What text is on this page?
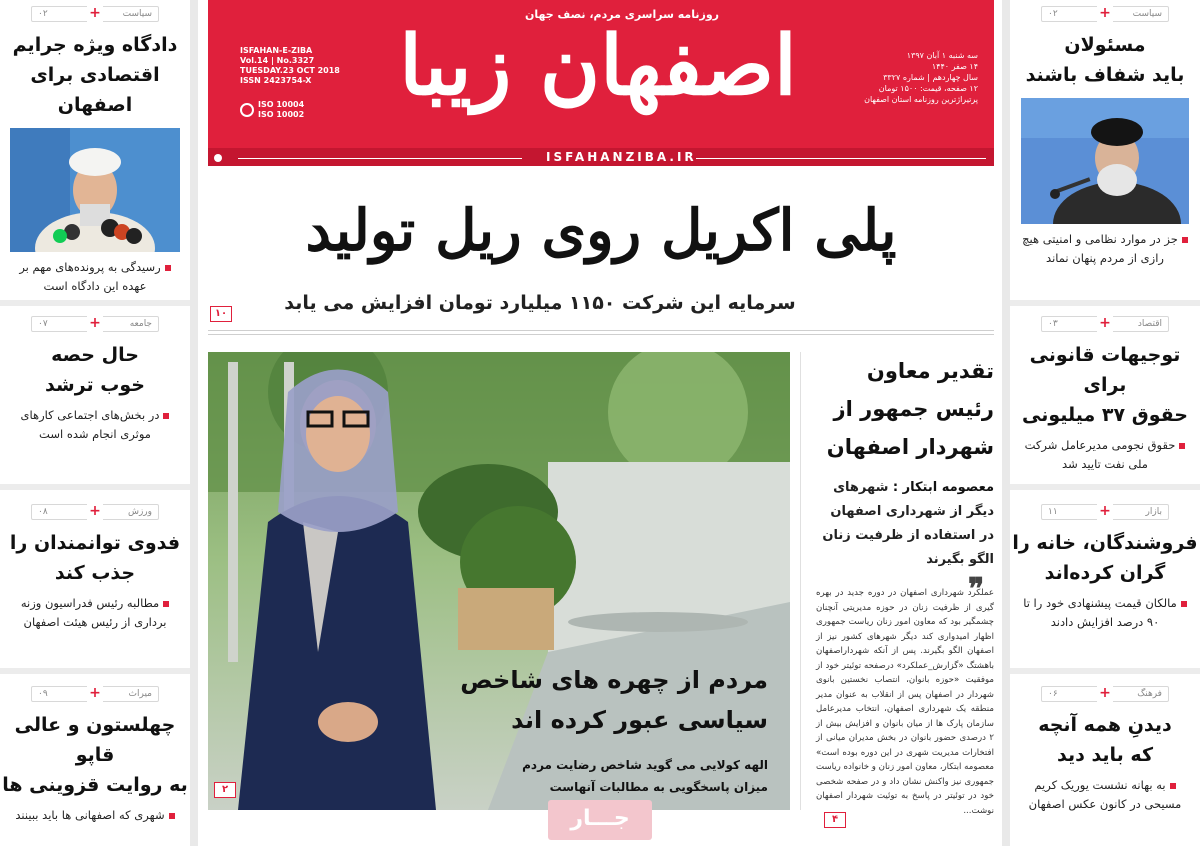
سیاست
+
۰۲
دادگاه ویژه جرایم
اقتصادی برای اصفهان
رسیدگی به پرونده‌های مهم بر عهده این دادگاه است
جامعه
+
۰۷
حال حصه
خوب ترشد
در بخش‌های اجتماعی کارهای موثری انجام شده است
ورزش
+
۰۸
فدوی توانمندان را
جذب کند
مطالبه رئیس فدراسیون وزنه برداری از رئیس هیئت اصفهان
میراث
+
۰۹
چهلستون و عالی قاپو
به روایت قزوینی ها
شهری که اصفهانی ها باید ببینند
سیاست
+
۰۲
مسئولان
باید شفاف باشند
جز در موارد نظامی و امنیتی هیچ رازی از مردم پنهان نماند
اقتصاد
+
۰۳
توجیهات قانونی برای
حقوق ۳۷ میلیونی
حقوق نجومی مدیرعامل شرکت ملی نفت تایید شد
بازار
+
۱۱
فروشندگان، خانه را
گران کرده‌اند
مالکان قیمت پیشنهادی خود را تا ۹۰ درصد افزایش دادند
فرهنگ
+
۰۶
دیدنِ همه آنچه
که باید دید
به بهانه نشست یوریک کریم مسیحی در کانون عکس اصفهان
روزنامه سراسری مردم، نصف جهان
اصفهان زیبا
ISFAHAN-E-ZIBA
Vol.14 | No.3327
TUESDAY.23 OCT 2018
ISSN 2423754-X
ISO 10004
ISO 10002
سه شنبه ۱ آبان ۱۳۹۷
۱۴ صفر ۱۴۴۰
سال چهاردهم | شماره ۳۳۲۷
۱۲ صفحه، قیمت: ۱۵۰۰ تومان
پرتیراژترین روزنامه استان اصفهان
ISFAHANZIBA.IR
پلی اکریل روی ریل تولید
سرمایه این شرکت ۱۱۵۰ میلیارد تومان افزایش می یابد
۱۰
مردم از چهره های شاخص
سیاسی عبور کرده اند
الهه کولایی می گوید شاخص رضایت مردم
میزان پاسخگویی به مطالبات آنهاست
۲
تقدیر معاون
رئیس جمهور از
شهردار اصفهان
معصومه ابتکار : شهرهای دیگر از شهرداری اصفهان در استفاده از ظرفیت زنان الگو بگیرند
عملکرد شهرداری اصفهان در دوره جدید در بهره گیری از ظرفیت زنان در حوزه مدیریتی آنچنان چشمگیر بود که معاون امور زنان ریاست جمهوری اظهار امیدواری کند دیگر شهرهای کشور نیز از اصفهان الگو بگیرند. پس از آنکه شهرداراصفهان باهشتگ «گزارش_عملکرد» درصفحه توئیتر خود از موفقیت «حوزه بانوان، انتصاب نخستین بانوی شهردار در اصفهان پس از انقلاب به عنوان مدیر منطقه یک شهرداری اصفهان، انتخاب مدیرعامل سازمان پارک ها از میان بانوان و افزایش بیش از ۲ درصدی حضور بانوان در بخش مدیران میانی از افتخارات مدیریت شهری در این دوره بوده است» معصومه ابتکار، معاون امور زنان و خانواده ریاست جمهوری نیز واکنش نشان داد و در صفحه شخصی خود در توئیتر در پاسخ به توئیت شهردار اصفهان نوشت...
❞
۴
جـــار
